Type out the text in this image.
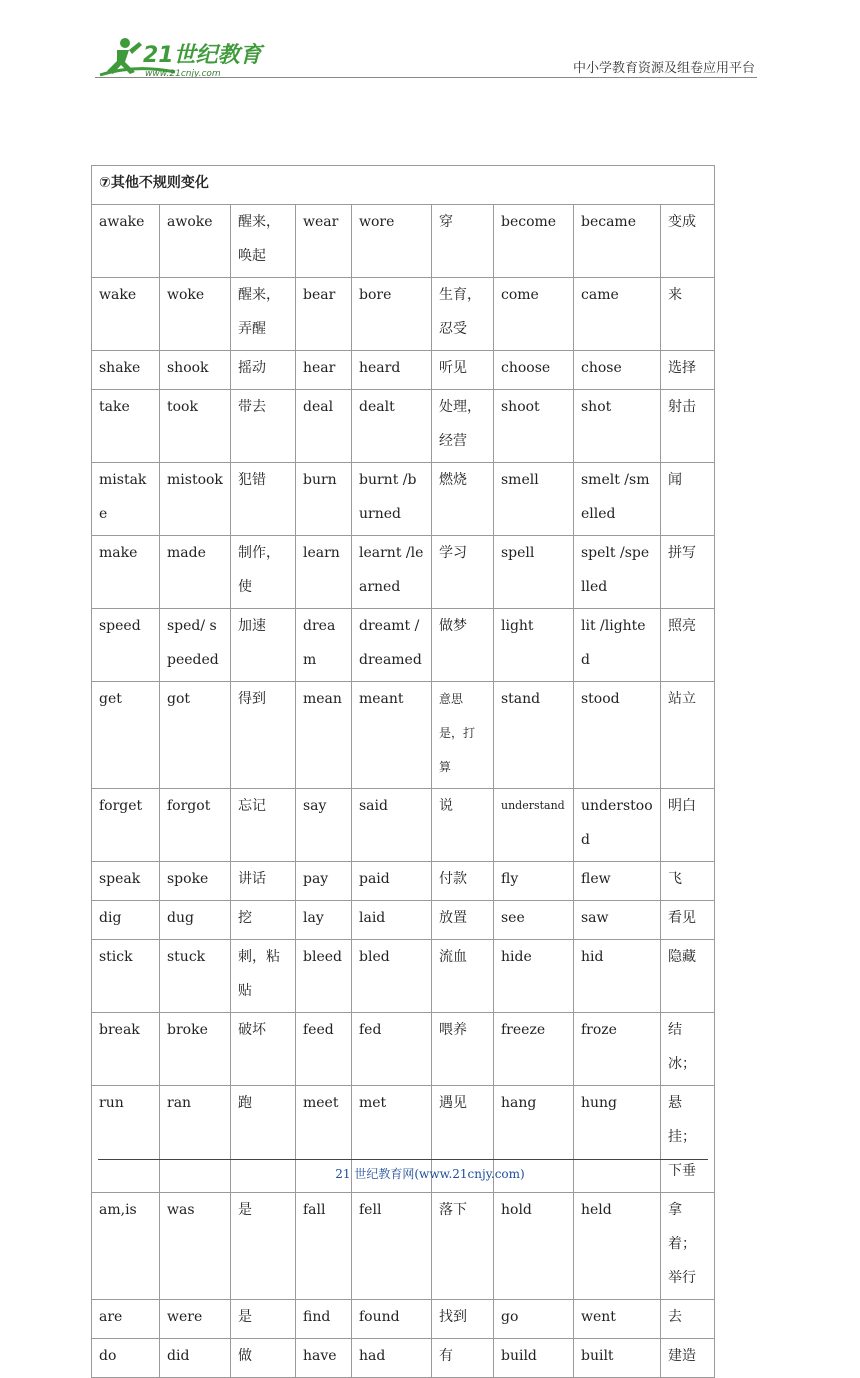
21世纪教育
www.21cnjy.com	中小学教育资源及组卷应用平台
⑦其他不规则变化								
awake	awoke	醒来，唤起	wear	wore	穿	become	became	变成
wake	woke	醒来，弄醒	bear	bore	生育，忍受	come	came	来
shake	shook	摇动	hear	heard	听见	choose	chose	选择
take	took	带去	deal	dealt	处理，经营	shoot	shot	射击
mistake	mistook	犯错	burn	burnt /burned	燃烧	smell	smelt /smelled	闻
make	made	制作，使	learn	learnt /learned	学习	spell	spelt /spelled	拼写
speed	sped/ speeded	加速	dream	dreamt /dreamed	做梦	light	lit /lighted	照亮
get	got	得到	mean	meant	意思是，打算	stand	stood	站立
forget	forgot	忘记	say	said	说	understand	understood	明白
speak	spoke	讲话	pay	paid	付款	fly	flew	飞
dig	dug	挖	lay	laid	放置	see	saw	看见
stick	stuck	刺，粘贴	bleed	bled	流血	hide	hid	隐藏
break	broke	破坏	feed	fed	喂养	freeze	froze	结冰；
run	ran	跑	meet	met	遇见	hang	hung	悬挂；下垂
am,is	was	是	fall	fell	落下	hold	held	拿着；举行
are	were	是	find	found	找到	go	went	去
do	did	做	have	had	有	build	built	建造
21 世纪教育网(www.21cnjy.com)
